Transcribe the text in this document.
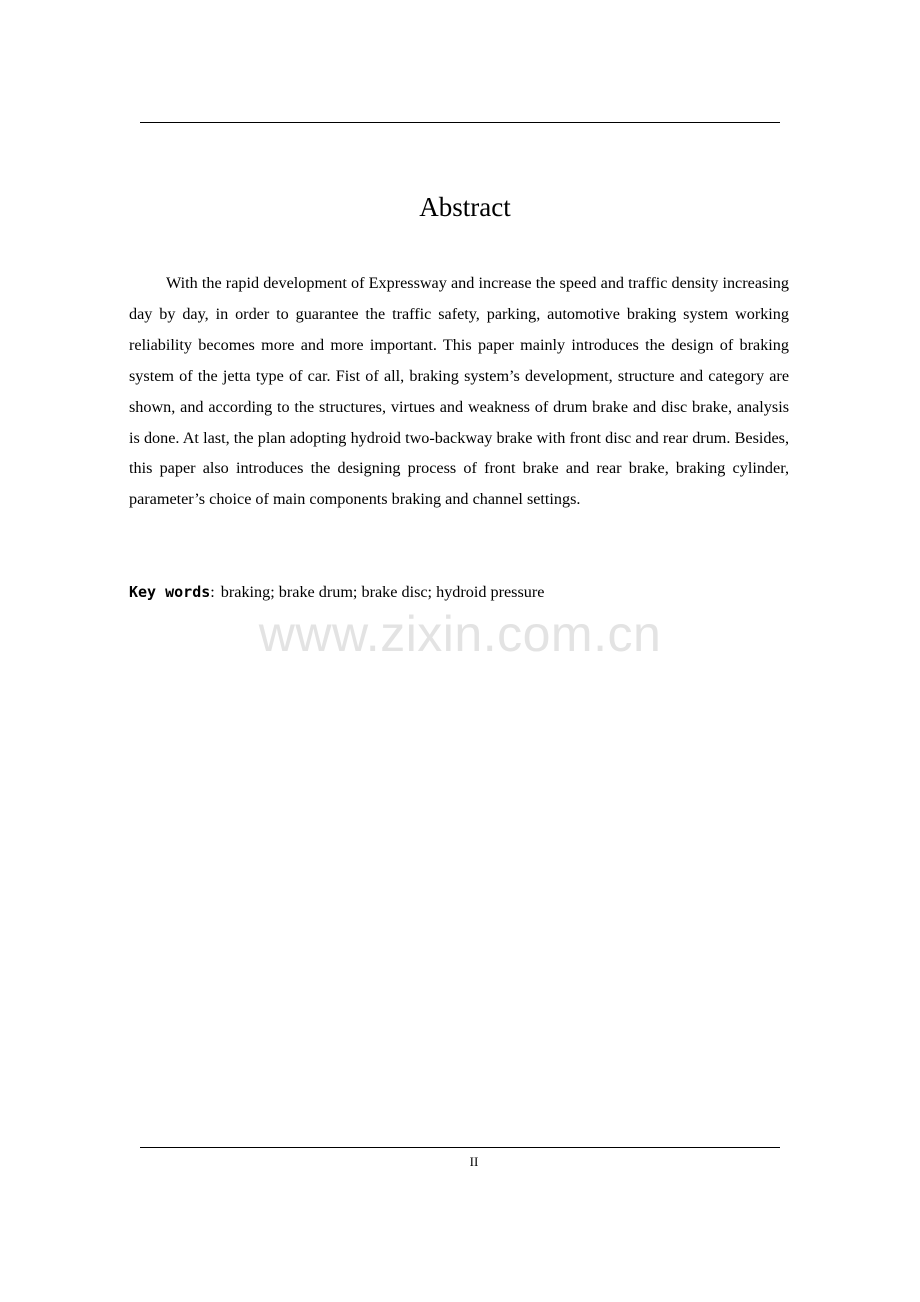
Abstract

With the rapid development of Expressway and increase the speed and traffic density increasing day by day, in order to guarantee the traffic safety, parking, automotive braking system working reliability becomes more and more important. This paper mainly introduces the design of braking system of the jetta type of car. Fist of all, braking system’s development, structure and category are shown, and according to the structures, virtues and weakness of drum brake and disc brake, analysis is done. At last, the plan adopting hydroid two-backway brake with front disc and rear drum. Besides, this paper also introduces the designing process of front brake and rear brake, braking cylinder, parameter’s choice of main components braking and channel settings.

Key words: braking; brake drum; brake disc; hydroid pressure
www.zixin.com.cn
II
